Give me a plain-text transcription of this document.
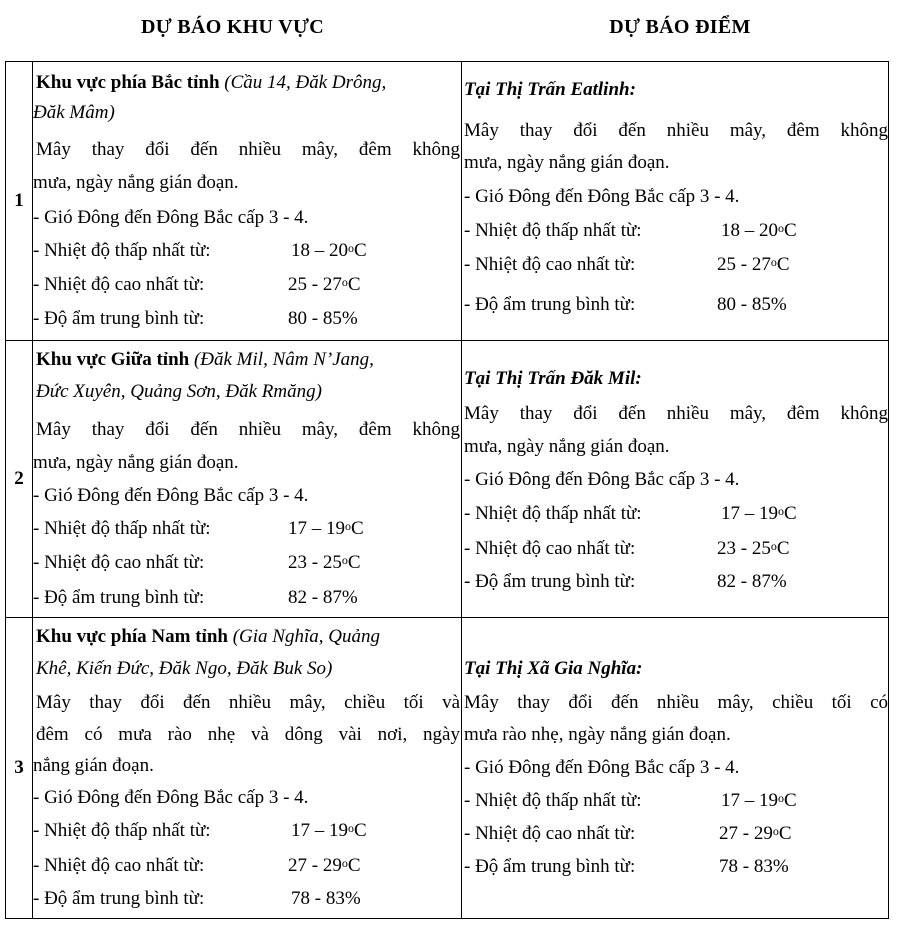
DỰ BÁO KHU VỰC	DỰ BÁO ĐIỂM
1
Khu vực phía Bắc tỉnh (Cầu 14, Đăk Drông,
Đăk Mâm)
Mây thay đổi đến nhiều mây, đêm không
mưa, ngày nắng gián đoạn.
- Gió Đông đến Đông Bắc cấp 3 - 4.
- Nhiệt độ thấp nhất từ:	18 – 20$^o$C
- Nhiệt độ cao nhất từ:	25 - 27$^o$C
- Độ ẩm trung bình từ:	80 - 85%
Tại Thị Trấn Eatlinh:
Mây thay đổi đến nhiều mây, đêm không
mưa, ngày nắng gián đoạn.
- Gió Đông đến Đông Bắc cấp 3 - 4.
- Nhiệt độ thấp nhất từ:	18 – 20$^o$C
- Nhiệt độ cao nhất từ:	25 - 27$^o$C
- Độ ẩm trung bình từ:	80 - 85%
2
Khu vực Giữa tỉnh (Đăk Mil, Nâm N’Jang,
Đức Xuyên, Quảng Sơn, Đăk Rmăng)
Mây thay đổi đến nhiều mây, đêm không
mưa, ngày nắng gián đoạn.
- Gió Đông đến Đông Bắc cấp 3 - 4.
- Nhiệt độ thấp nhất từ:	17 – 19$^o$C
- Nhiệt độ cao nhất từ:	23 - 25$^o$C
- Độ ẩm trung bình từ:	82 - 87%
Tại Thị Trấn Đăk Mil:
Mây thay đổi đến nhiều mây, đêm không
mưa, ngày nắng gián đoạn.
- Gió Đông đến Đông Bắc cấp 3 - 4.
- Nhiệt độ thấp nhất từ:	17 – 19$^o$C
- Nhiệt độ cao nhất từ:	23 - 25$^o$C
- Độ ẩm trung bình từ:	82 - 87%
3
Khu vực phía Nam tỉnh (Gia Nghĩa, Quảng
Khê, Kiến Đức, Đăk Ngo, Đăk Buk So)
Mây thay đổi đến nhiều mây, chiều tối và
đêm có mưa rào nhẹ và dông vài nơi, ngày
nắng gián đoạn.
- Gió Đông đến Đông Bắc cấp 3 - 4.
- Nhiệt độ thấp nhất từ:	17 – 19$^o$C
- Nhiệt độ cao nhất từ:	27 - 29$^o$C
- Độ ẩm trung bình từ:	78 - 83%
Tại Thị Xã Gia Nghĩa:
Mây thay đổi đến nhiều mây, chiều tối có
mưa rào nhẹ, ngày nắng gián đoạn.
- Gió Đông đến Đông Bắc cấp 3 - 4.
- Nhiệt độ thấp nhất từ:	17 – 19$^o$C
- Nhiệt độ cao nhất từ:	27 - 29$^o$C
- Độ ẩm trung bình từ:	78 - 83%
